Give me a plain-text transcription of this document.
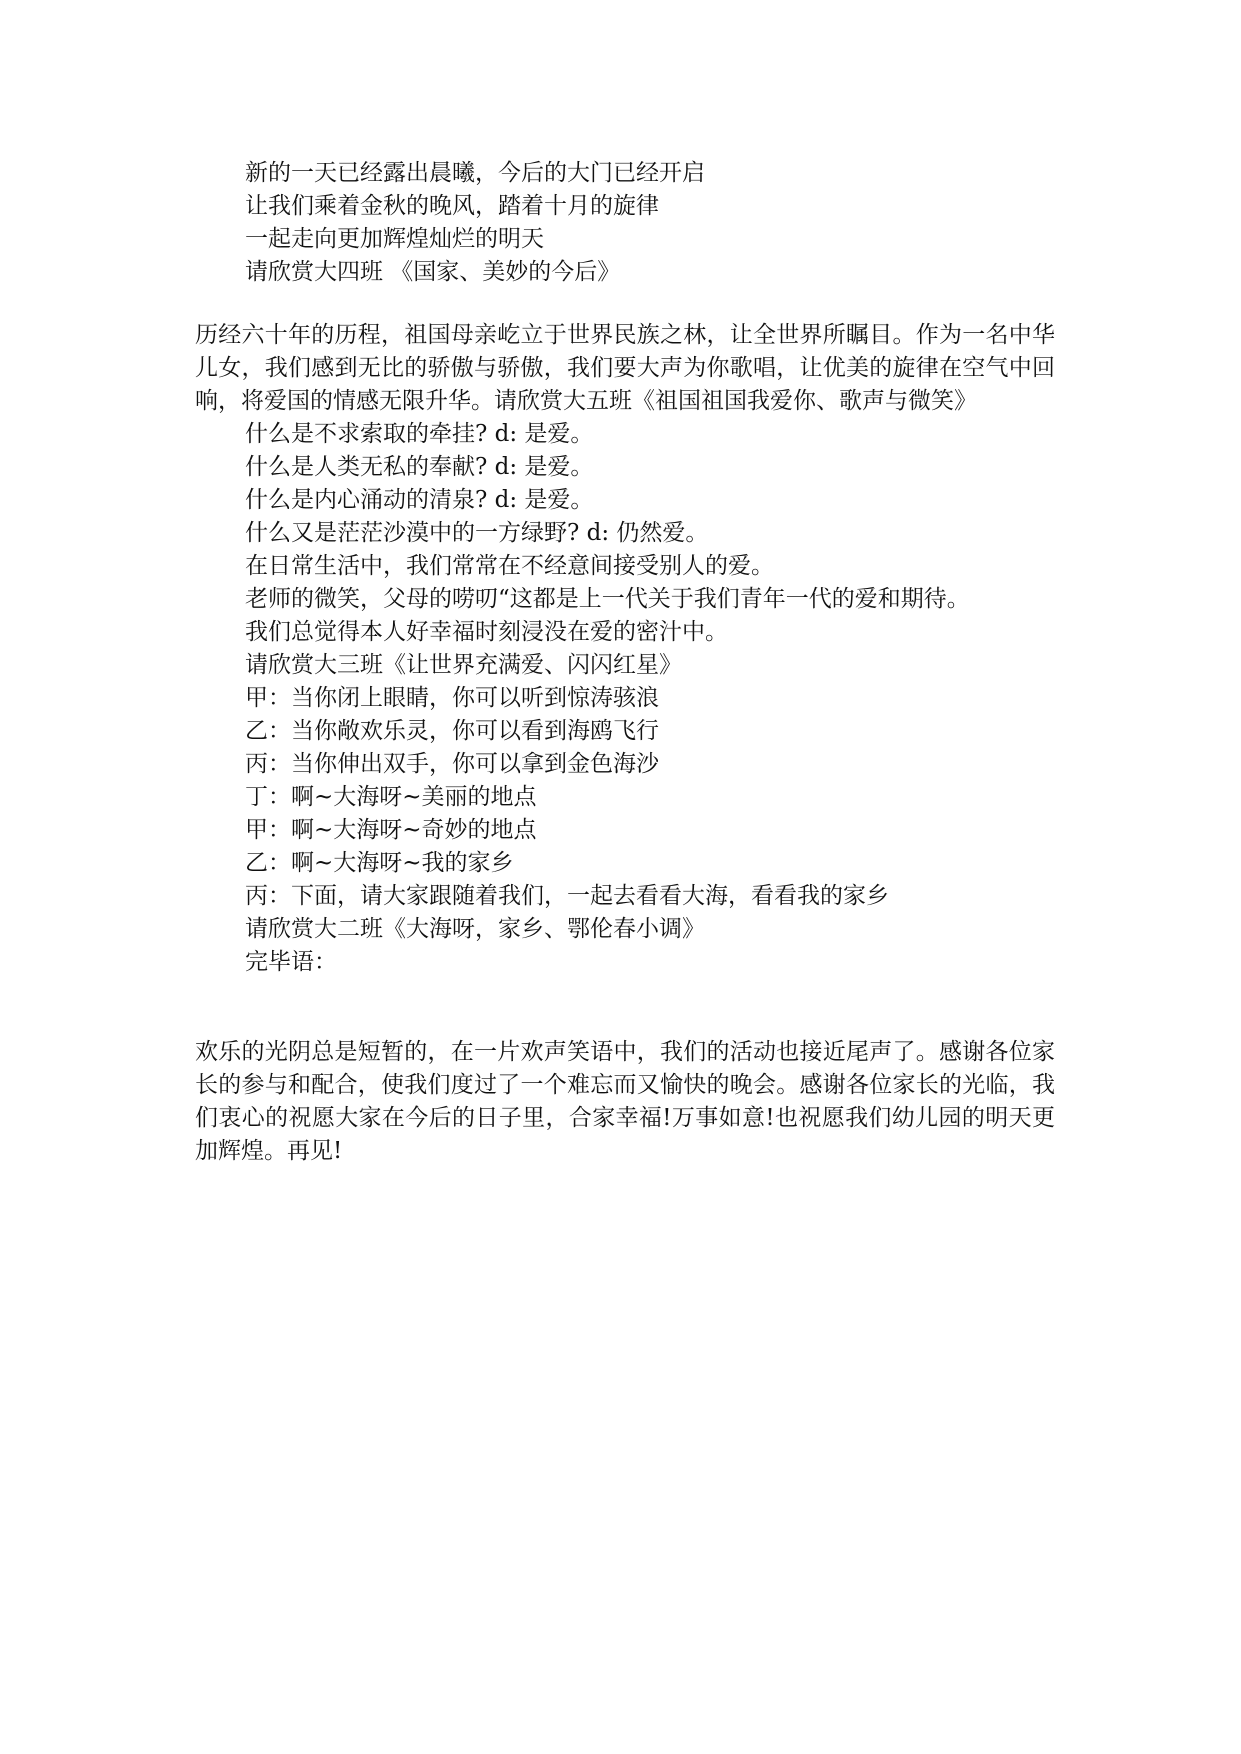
新的一天已经露出晨曦，今后的大门已经开启

让我们乘着金秋的晚风，踏着十月的旋律

一起走向更加辉煌灿烂的明天

请欣赏大四班 《国家、美妙的今后》

历经六十年的历程，祖国母亲屹立于世界民族之林，让全世界所瞩目。作为一名中华儿女，我们感到无比的骄傲与骄傲，我们要大声为你歌唱，让优美的旋律在空气中回响，将爱国的情感无限升华。请欣赏大五班《祖国祖国我爱你、歌声与微笑》

什么是不求索取的牵挂? d: 是爱。

什么是人类无私的奉献? d: 是爱。

什么是内心涌动的清泉? d: 是爱。

什么又是茫茫沙漠中的一方绿野? d: 仍然爱。

在日常生活中，我们常常在不经意间接受别人的爱。

老师的微笑，父母的唠叨“这都是上一代关于我们青年一代的爱和期待。

我们总觉得本人好幸福时刻浸没在爱的密汁中。

请欣赏大三班《让世界充满爱、闪闪红星》

甲：当你闭上眼睛，你可以听到惊涛骇浪

乙：当你敞欢乐灵，你可以看到海鸥飞行

丙：当你伸出双手，你可以拿到金色海沙

丁：啊~大海呀~美丽的地点

甲：啊~大海呀~奇妙的地点

乙：啊~大海呀~我的家乡

丙：下面，请大家跟随着我们，一起去看看大海，看看我的家乡

请欣赏大二班《大海呀，家乡、鄂伦春小调》

完毕语：

欢乐的光阴总是短暂的，在一片欢声笑语中，我们的活动也接近尾声了。感谢各位家长的参与和配合，使我们度过了一个难忘而又愉快的晚会。感谢各位家长的光临，我们衷心的祝愿大家在今后的日子里，合家幸福!万事如意!也祝愿我们幼儿园的明天更加辉煌。再见!
